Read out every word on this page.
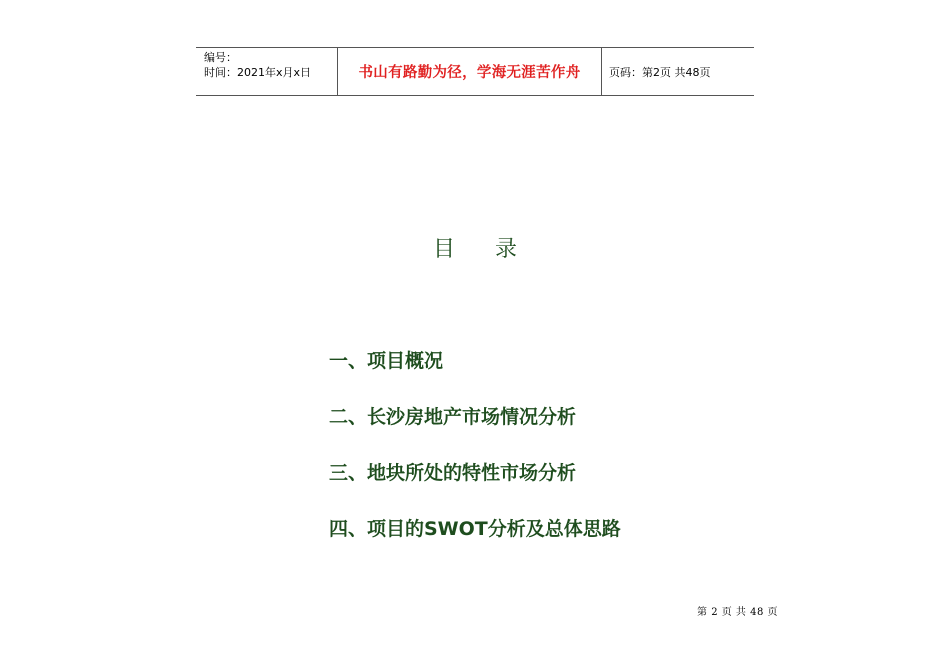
编号：
时间：2021年x月x日	书山有路勤为径，学海无涯苦作舟	页码：第2页 共48页
目 录
一、项目概况
二、长沙房地产市场情况分析
三、地块所处的特性市场分析
四、项目的SWOT分析及总体思路
第 2 页 共 48 页
